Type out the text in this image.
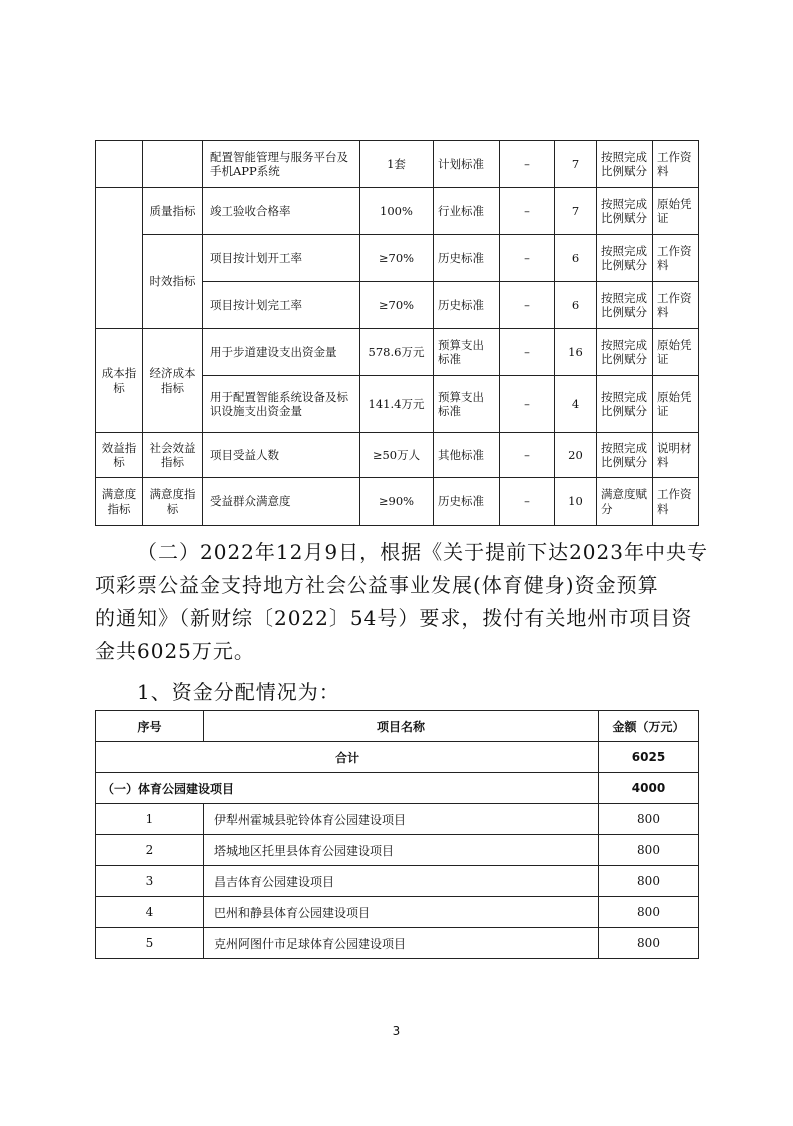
		配置智能管理与服务平台及手机APP系统	1套	计划标准	–	7	按照完成比例赋分	工作资料
	质量指标	竣工验收合格率	100%	行业标准	–	7	按照完成比例赋分	原始凭证
	时效指标	项目按计划开工率	≥70%	历史标准	–	6	按照完成比例赋分	工作资料
		项目按计划完工率	≥70%	历史标准	–	6	按照完成比例赋分	工作资料
成本指标	经济成本指标	用于步道建设支出资金量	578.6万元	预算支出标准	–	16	按照完成比例赋分	原始凭证
		用于配置智能系统设备及标识设施支出资金量	141.4万元	预算支出标准	–	4	按照完成比例赋分	原始凭证
效益指标	社会效益指标	项目受益人数	≥50万人	其他标准	–	20	按照完成比例赋分	说明材料
满意度指标	满意度指标	受益群众满意度	≥90%	历史标准	–	10	满意度赋分	工作资料
（二）2022年12月9日，根据《关于提前下达2023年中央专
项彩票公益金支持地方社会公益事业发展(体育健身)资金预算
的通知》（新财综〔2022〕54号）要求，拨付有关地州市项目资
金共6025万元。
1、资金分配情况为：
序号	项目名称	金额（万元）
合计		6025
（一）体育公园建设项目		4000
1	伊犁州霍城县驼铃体育公园建设项目	800
2	塔城地区托里县体育公园建设项目	800
3	昌吉体育公园建设项目	800
4	巴州和静县体育公园建设项目	800
5	克州阿图什市足球体育公园建设项目	800
3
